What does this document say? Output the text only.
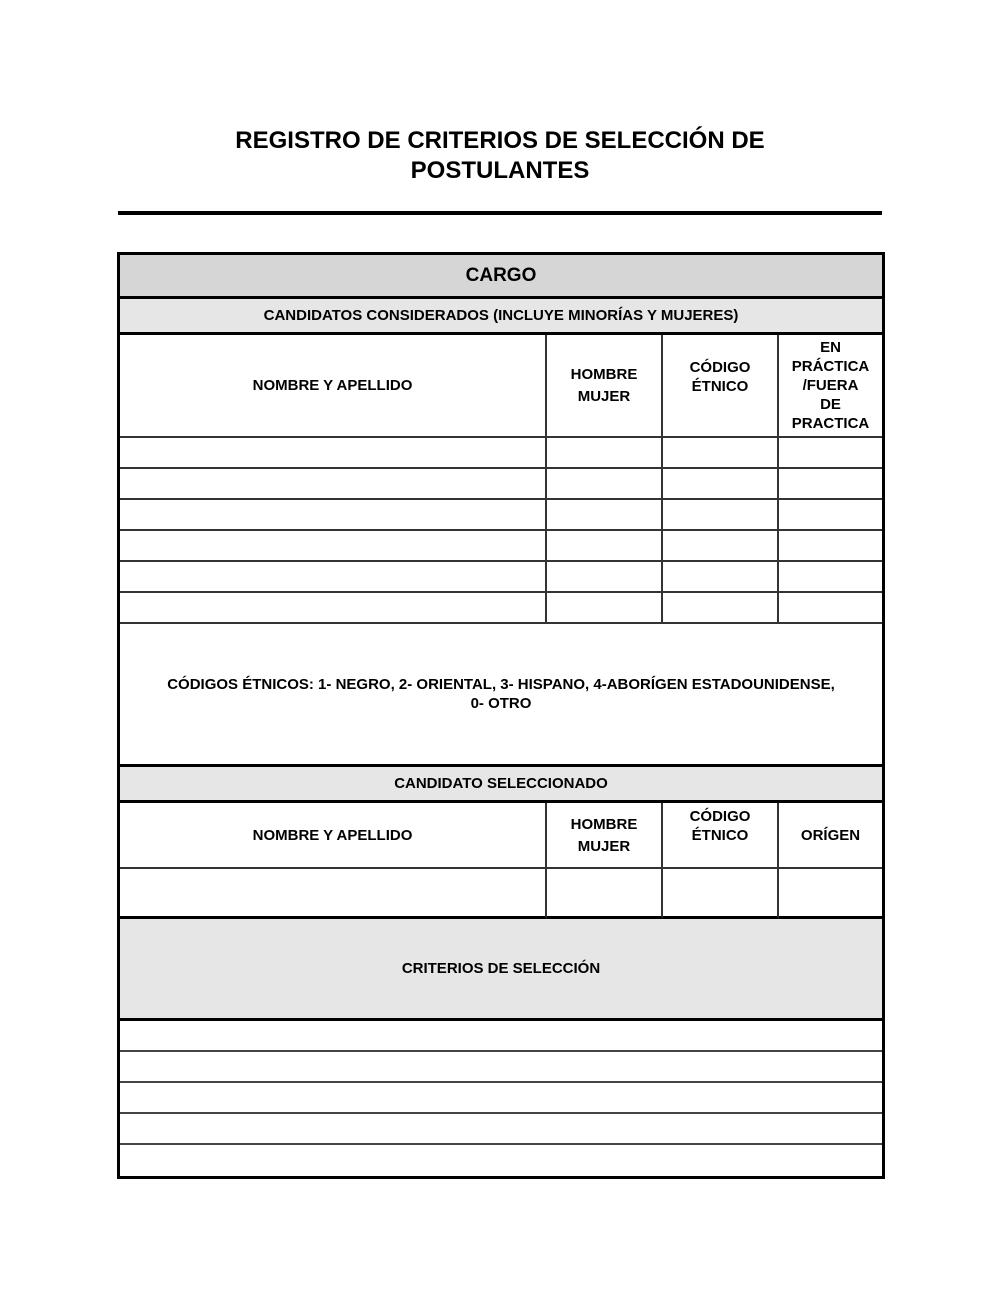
REGISTRO DE CRITERIOS DE SELECCIÓN DE
POSTULANTES
CARGO
CANDIDATOS CONSIDERADOS (INCLUYE MINORÍAS Y MUJERES)
NOMBRE Y APELLIDO
HOMBRE
MUJER
CÓDIGO
ÉTNICO
EN
PRÁCTICA
/FUERA
DE
PRACTICA
CÓDIGOS ÉTNICOS: 1- NEGRO, 2- ORIENTAL, 3- HISPANO, 4-ABORÍGEN ESTADOUNIDENSE,
0- OTRO
CANDIDATO SELECCIONADO
NOMBRE Y APELLIDO
HOMBRE
MUJER
CÓDIGO
ÉTNICO	ORÍGEN
CRITERIOS DE SELECCIÓN
